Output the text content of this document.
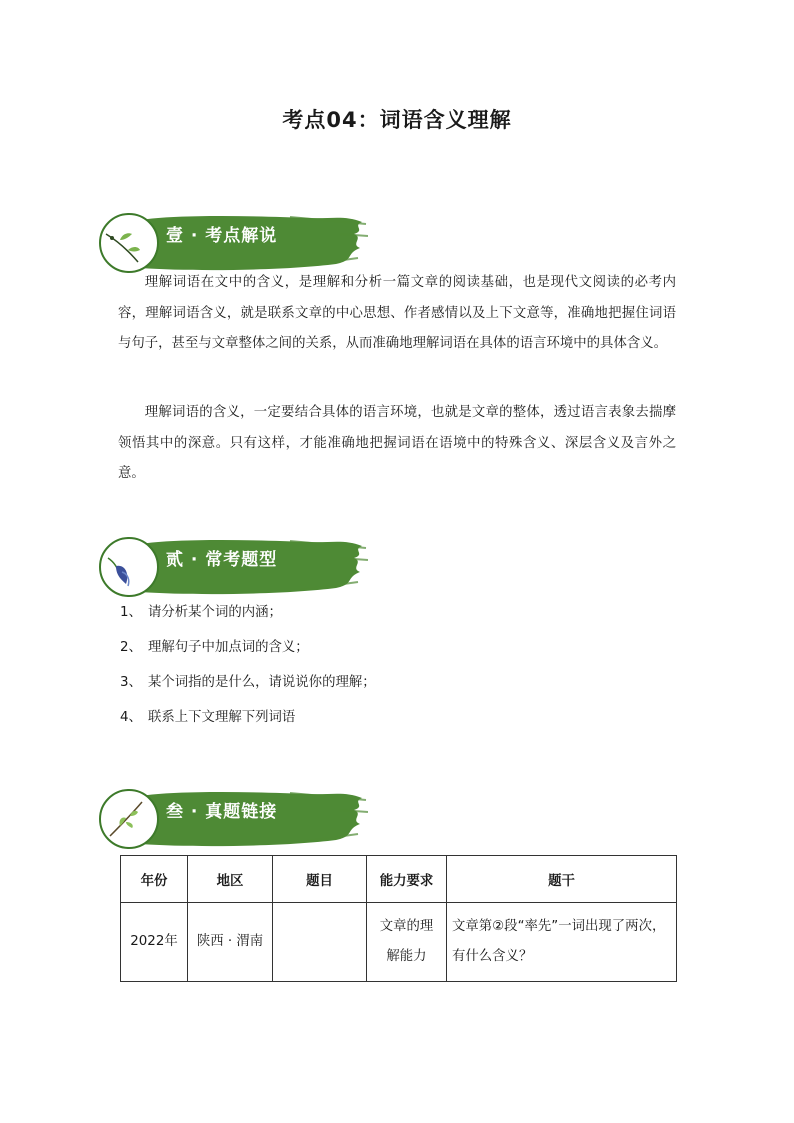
考点04：词语含义理解
壹 · 考点解说

理解词语在文中的含义，是理解和分析一篇文章的阅读基础，也是现代文阅读的必考内容，理解词语含义，就是联系文章的中心思想、作者感情以及上下文意等，准确地把握住词语与句子，甚至与文章整体之间的关系，从而准确地理解词语在具体的语言环境中的具体含义。

理解词语的含义，一定要结合具体的语言环境，也就是文章的整体，透过语言表象去揣摩领悟其中的深意。只有这样，才能准确地把握词语在语境中的特殊含义、深层含义及言外之意。

贰 · 常考题型
1、 请分析某个词的内涵；
2、 理解句子中加点词的含义；
3、 某个词指的是什么，请说说你的理解；
4、 联系上下文理解下列词语
叁 · 真题链接
年份	地区	题目	能力要求	题干
2022年	陕西 · 渭南		文章的理解能力	文章第②段“率先”一词出现了两次，有什么含义？
